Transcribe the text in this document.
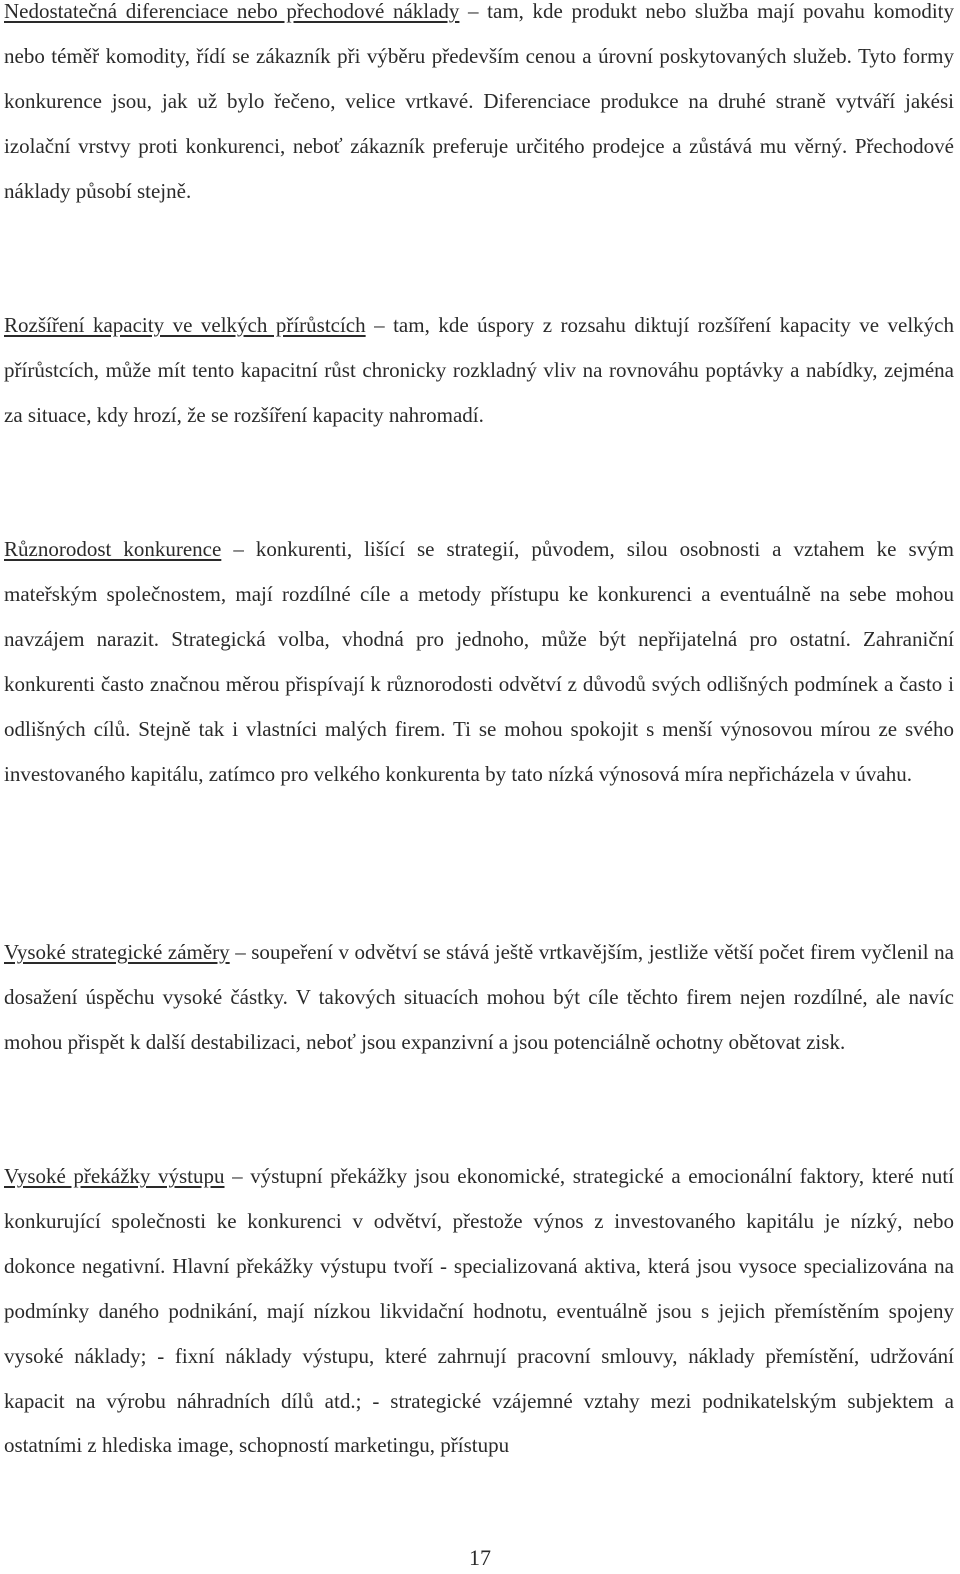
Nedostatečná diferenciace nebo přechodové náklady – tam, kde produkt nebo služba mají povahu komodity nebo téměř komodity, řídí se zákazník při výběru především cenou a úrovní poskytovaných služeb. Tyto formy konkurence jsou, jak už bylo řečeno, velice vrtkavé. Diferenciace produkce na druhé straně vytváří jakési izolační vrstvy proti konkurenci, neboť zákazník preferuje určitého prodejce a zůstává mu věrný. Přechodové náklady působí stejně.

Rozšíření kapacity ve velkých přírůstcích – tam, kde úspory z rozsahu diktují rozšíření kapacity ve velkých přírůstcích, může mít tento kapacitní růst chronicky rozkladný vliv na rovnováhu poptávky a nabídky, zejména za situace, kdy hrozí, že se rozšíření kapacity nahromadí.

Různorodost konkurence – konkurenti, lišící se strategií, původem, silou osobnosti a vztahem ke svým mateřským společnostem, mají rozdílné cíle a metody přístupu ke konkurenci a eventuálně na sebe mohou navzájem narazit. Strategická volba, vhodná pro jednoho, může být nepřijatelná pro ostatní. Zahraniční konkurenti často značnou měrou přispívají k různorodosti odvětví z důvodů svých odlišných podmínek a často i odlišných cílů. Stejně tak i vlastníci malých firem. Ti se mohou spokojit s menší výnosovou mírou ze svého investovaného kapitálu, zatímco pro velkého konkurenta by tato nízká výnosová míra nepřicházela v úvahu.

Vysoké strategické záměry – soupeření v odvětví se stává ještě vrtkavějším, jestliže větší počet firem vyčlenil na dosažení úspěchu vysoké částky. V takových situacích mohou být cíle těchto firem nejen rozdílné, ale navíc mohou přispět k další destabilizaci, neboť jsou expanzivní a jsou potenciálně ochotny obětovat zisk.

Vysoké překážky výstupu – výstupní překážky jsou ekonomické, strategické a emocionální faktory, které nutí konkurující společnosti ke konkurenci v odvětví, přestože výnos z investovaného kapitálu je nízký, nebo dokonce negativní. Hlavní překážky výstupu tvoří - specializovaná aktiva, která jsou vysoce specializována na podmínky daného podnikání, mají nízkou likvidační hodnotu, eventuálně jsou s jejich přemístěním spojeny vysoké náklady; - fixní náklady výstupu, které zahrnují pracovní smlouvy, náklady přemístění, udržování kapacit na výrobu náhradních dílů atd.; - strategické vzájemné vztahy mezi podnikatelským subjektem a ostatními z hlediska image, schopností marketingu, přístupu

17
